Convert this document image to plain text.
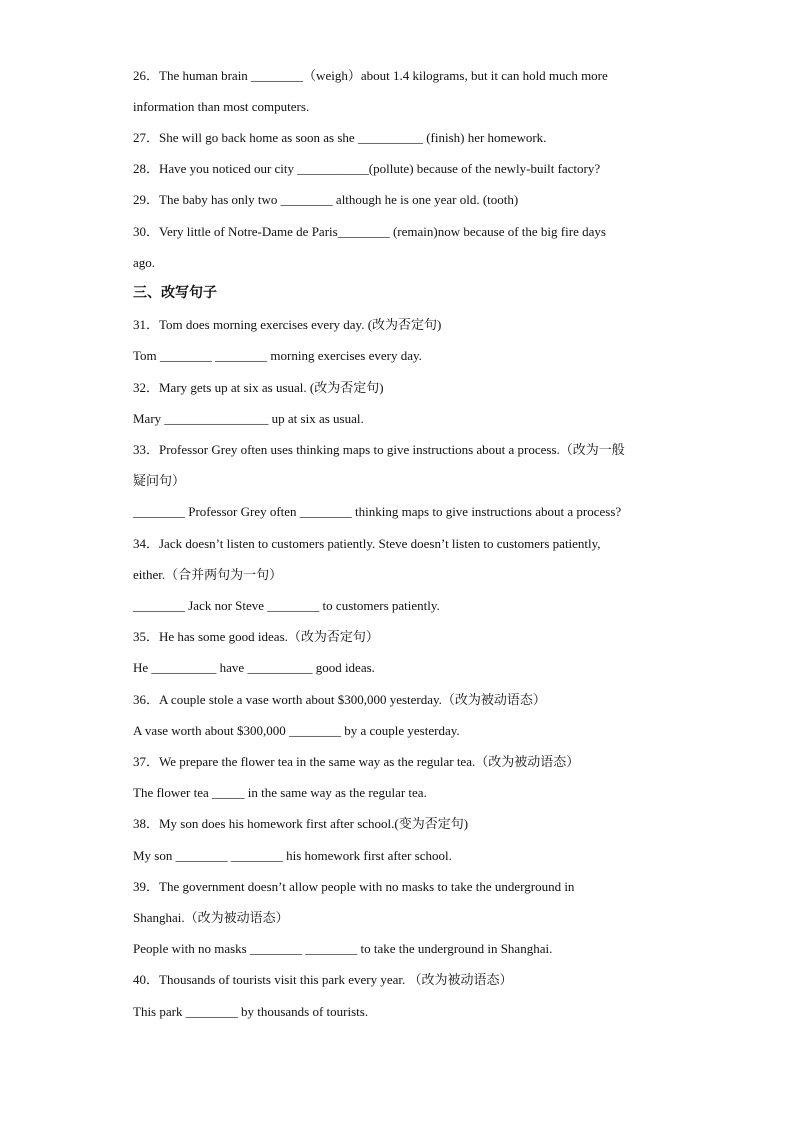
26．The human brain ________（weigh）about 1.4 kilograms, but it can hold much more
information than most computers.
27．She will go back home as soon as she __________ (finish) her homework.
28．Have you noticed our city ___________(pollute) because of the newly-built factory?
29．The baby has only two ________ although he is one year old. (tooth)
30．Very little of Notre-Dame de Paris________ (remain)now because of the big fire days
ago.
三、改写句子
31．Tom does morning exercises every day. (改为否定句)
Tom ________ ________ morning exercises every day.
32．Mary gets up at six as usual. (改为否定句)
Mary ________________ up at six as usual.
33．Professor Grey often uses thinking maps to give instructions about a process.（改为一般
疑问句）
________ Professor Grey often ________ thinking maps to give instructions about a process?
34．Jack doesn’t listen to customers patiently. Steve doesn’t listen to customers patiently,
either.（合并两句为一句）
________ Jack nor Steve ________ to customers patiently.
35．He has some good ideas.（改为否定句）
He __________ have __________ good ideas.
36．A couple stole a vase worth about $300,000 yesterday.（改为被动语态）
A vase worth about $300,000 ________ by a couple yesterday.
37．We prepare the flower tea in the same way as the regular tea.（改为被动语态）
The flower tea _____ in the same way as the regular tea.
38．My son does his homework first after school.(变为否定句)
My son ________ ________ his homework first after school.
39．The government doesn’t allow people with no masks to take the underground in
Shanghai.（改为被动语态）
People with no masks ________ ________ to take the underground in Shanghai.
40．Thousands of tourists visit this park every year. （改为被动语态）
This park ________ by thousands of tourists.
